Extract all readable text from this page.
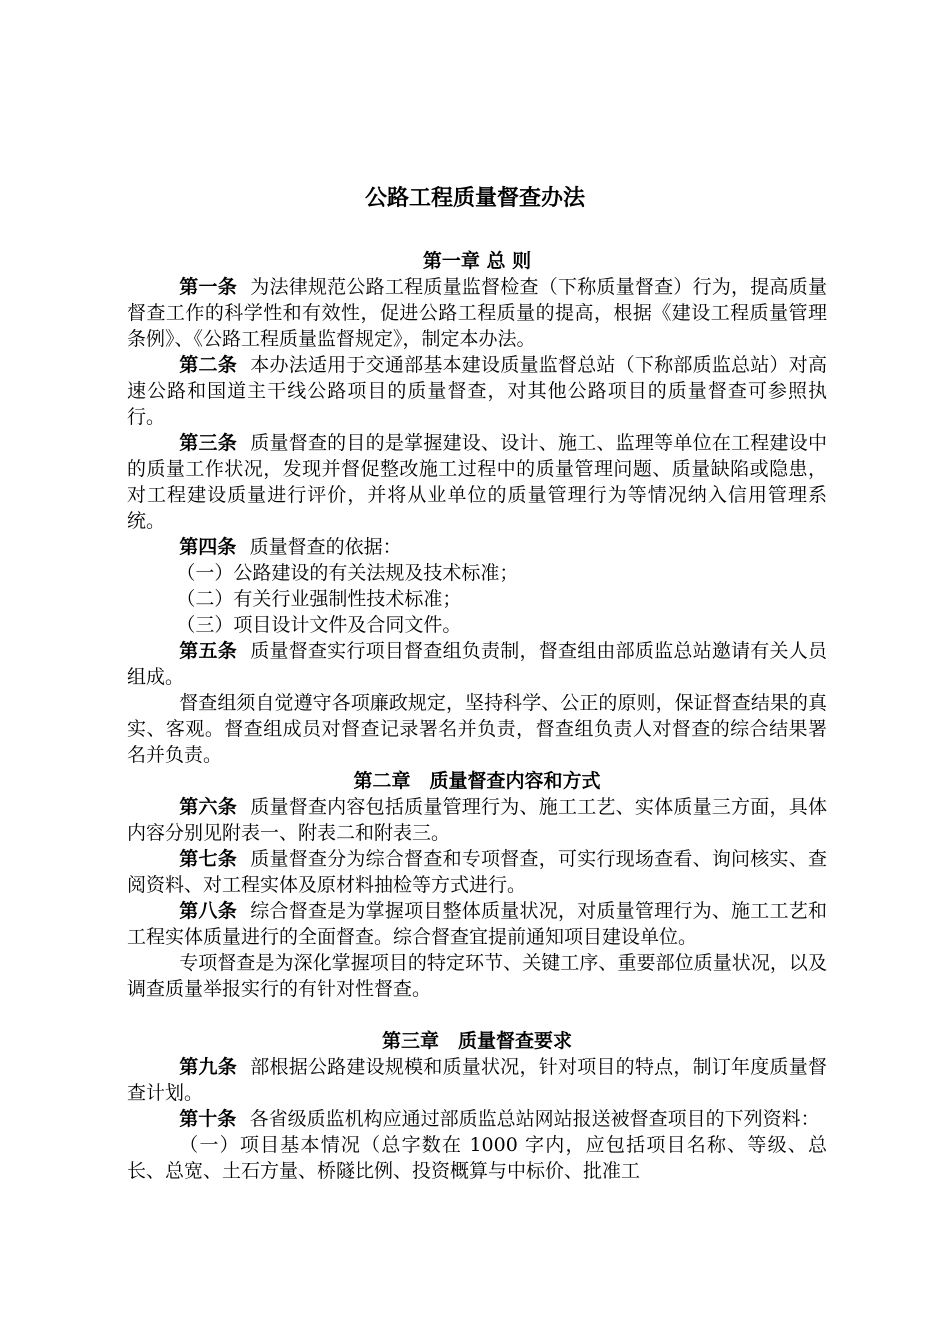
公路工程质量督查办法

第一章 总 则

第一条 为法律规范公路工程质量监督检查（下称质量督查）行为，提高质量督查工作的科学性和有效性，促进公路工程质量的提高，根据《建设工程质量管理条例》、《公路工程质量监督规定》，制定本办法。

第二条 本办法适用于交通部基本建设质量监督总站（下称部质监总站）对高速公路和国道主干线公路项目的质量督查，对其他公路项目的质量督查可参照执行。

第三条 质量督查的目的是掌握建设、设计、施工、监理等单位在工程建设中的质量工作状况，发现并督促整改施工过程中的质量管理问题、质量缺陷或隐患，对工程建设质量进行评价，并将从业单位的质量管理行为等情况纳入信用管理系统。

第四条 质量督查的依据：

（一）公路建设的有关法规及技术标准；

（二）有关行业强制性技术标准；

（三）项目设计文件及合同文件。

第五条 质量督查实行项目督查组负责制，督查组由部质监总站邀请有关人员组成。

督查组须自觉遵守各项廉政规定，坚持科学、公正的原则，保证督查结果的真实、客观。督查组成员对督查记录署名并负责，督查组负责人对督查的综合结果署名并负责。

第二章　质量督查内容和方式

第六条 质量督查内容包括质量管理行为、施工工艺、实体质量三方面，具体内容分别见附表一、附表二和附表三。

第七条 质量督查分为综合督查和专项督查，可实行现场查看、询问核实、查阅资料、对工程实体及原材料抽检等方式进行。

第八条 综合督查是为掌握项目整体质量状况，对质量管理行为、施工工艺和工程实体质量进行的全面督查。综合督查宜提前通知项目建设单位。

专项督查是为深化掌握项目的特定环节、关键工序、重要部位质量状况，以及调查质量举报实行的有针对性督查。

第三章　质量督查要求

第九条 部根据公路建设规模和质量状况，针对项目的特点，制订年度质量督查计划。

第十条 各省级质监机构应通过部质监总站网站报送被督查项目的下列资料：

（一）项目基本情况（总字数在 1000 字内，应包括项目名称、等级、总长、总宽、土石方量、桥隧比例、投资概算与中标价、批准工
